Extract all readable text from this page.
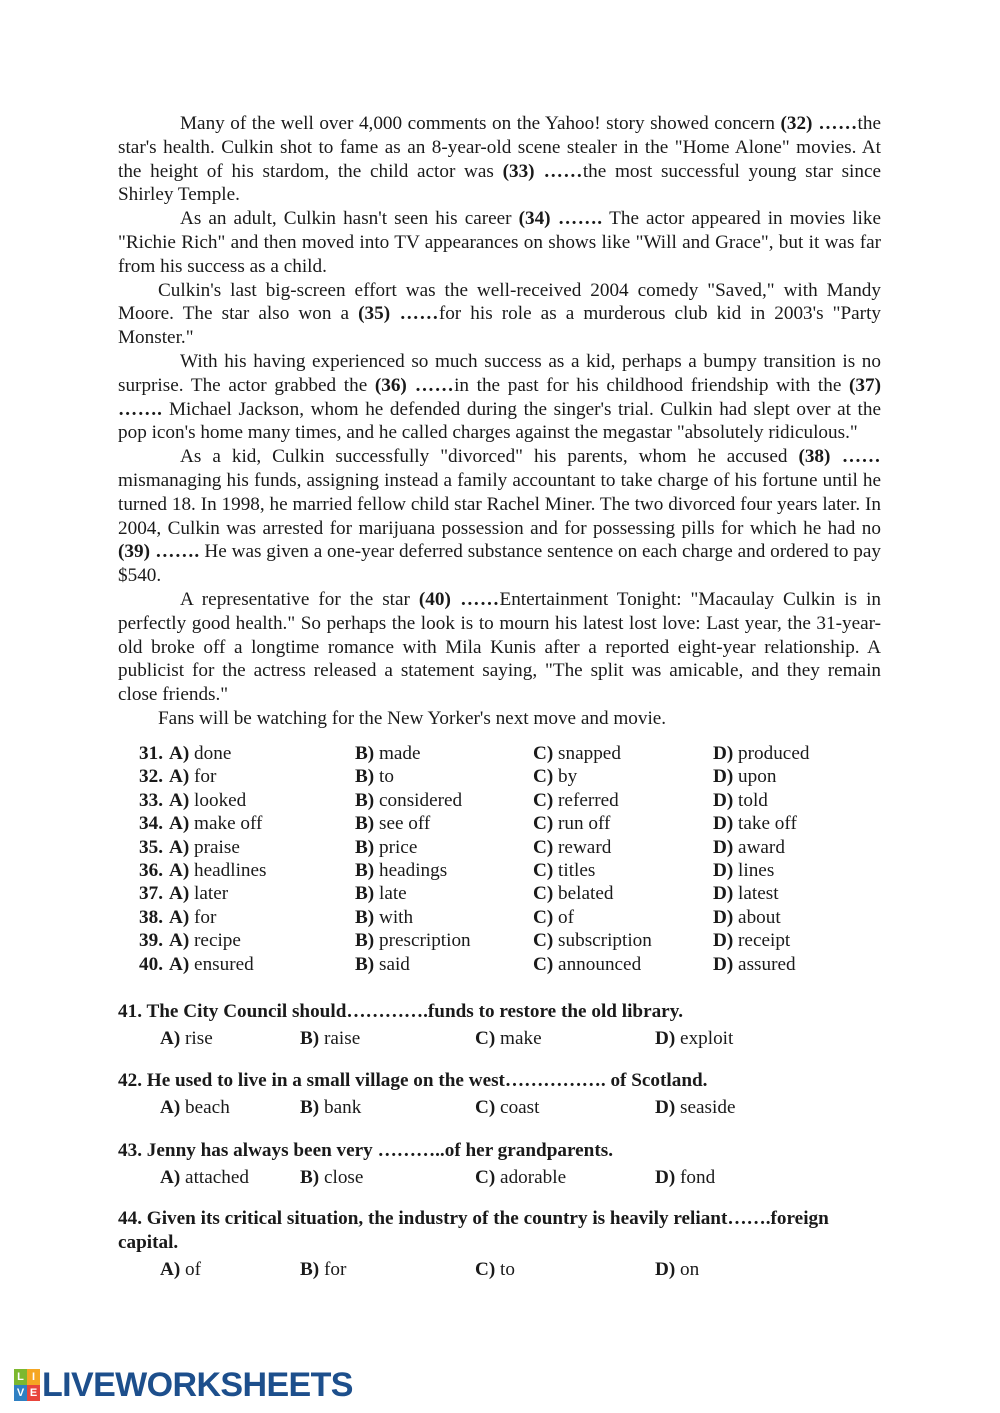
Many of the well over 4,000 comments on the Yahoo! story showed concern (32) ……the star's health. Culkin shot to fame as an 8-year-old scene stealer in the "Home Alone" movies. At the height of his stardom, the child actor was (33) ……the most successful young star since Shirley Temple.

As an adult, Culkin hasn't seen his career (34) ……. The actor appeared in movies like "Richie Rich" and then moved into TV appearances on shows like "Will and Grace", but it was far from his success as a child.

Culkin's last big-screen effort was the well-received 2004 comedy "Saved," with Mandy Moore. The star also won a (35) ……for his role as a murderous club kid in 2003's "Party Monster."

With his having experienced so much success as a kid, perhaps a bumpy transition is no surprise. The actor grabbed the (36) ……in the past for his childhood friendship with the (37) ……. Michael Jackson, whom he defended during the singer's trial. Culkin had slept over at the pop icon's home many times, and he called charges against the megastar "absolutely ridiculous."

As a kid, Culkin successfully "divorced" his parents, whom he accused (38) …… mismanaging his funds, assigning instead a family accountant to take charge of his fortune until he turned 18. In 1998, he married fellow child star Rachel Miner. The two divorced four years later. In 2004, Culkin was arrested for marijuana possession and for possessing pills for which he had no (39) ……. He was given a one-year deferred substance sentence on each charge and ordered to pay $540.

A representative for the star (40) ……Entertainment Tonight: "Macaulay Culkin is in perfectly good health." So perhaps the look is to mourn his latest lost love: Last year, the 31-year-old broke off a longtime romance with Mila Kunis after a reported eight-year relationship. A publicist for the actress released a statement saying, "The split was amicable, and they remain close friends."

Fans will be watching for the New Yorker's next move and movie.

31. A) done	B) made	C) snapped	D) produced
32. A) for	B) to	C) by	D) upon
33. A) looked	B) considered	C) referred	D) told
34. A) make off	B) see off	C) run off	D) take off
35. A) praise	B) price	C) reward	D) award
36. A) headlines	B) headings	C) titles	D) lines
37. A) later	B) late	C) belated	D) latest
38. A) for	B) with	C) of	D) about
39. A) recipe	B) prescription	C) subscription	D) receipt
40. A) ensured	B) said	C) announced	D) assured

41. The City Council should………….funds to restore the old library.

A) rise	B) raise	C) make	D) exploit

42. He used to live in a small village on the west……………. of Scotland.

A) beach	B) bank	C) coast	D) seaside

43. Jenny has always been very ………..of her grandparents.

A) attached	B) close	C) adorable	D) fond

44. Given its critical situation, the industry of the country is heavily reliant…….foreign capital.

A) of	B) for	C) to	D) on
L I
V E LIVEWORKSHEETS
